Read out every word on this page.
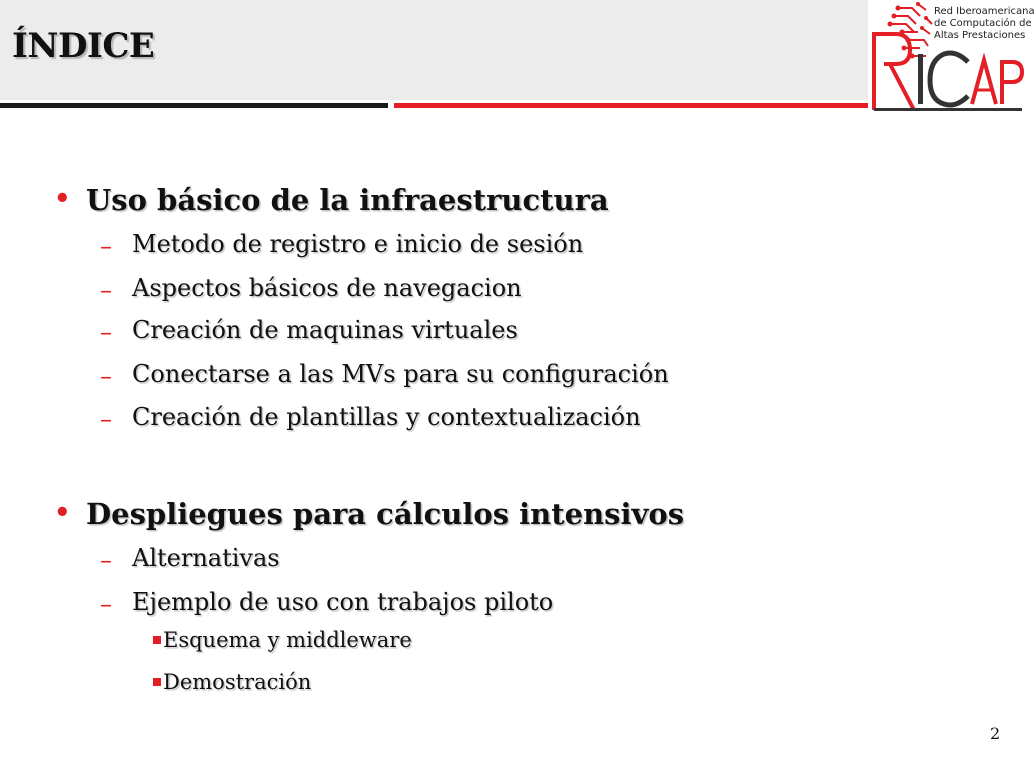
ÍNDICE
Red Iberoamericana
de Computación de
Altas Prestaciones
• Uso básico de la infraestructura
– Metodo de registro e inicio de sesión
– Aspectos básicos de navegacion
– Creación de maquinas virtuales
– Conectarse a las MVs para su configuración
– Creación de plantillas y contextualización
• Despliegues para cálculos intensivos
– Alternativas
– Ejemplo de uso con trabajos piloto
Esquema y middleware
Demostración
2
